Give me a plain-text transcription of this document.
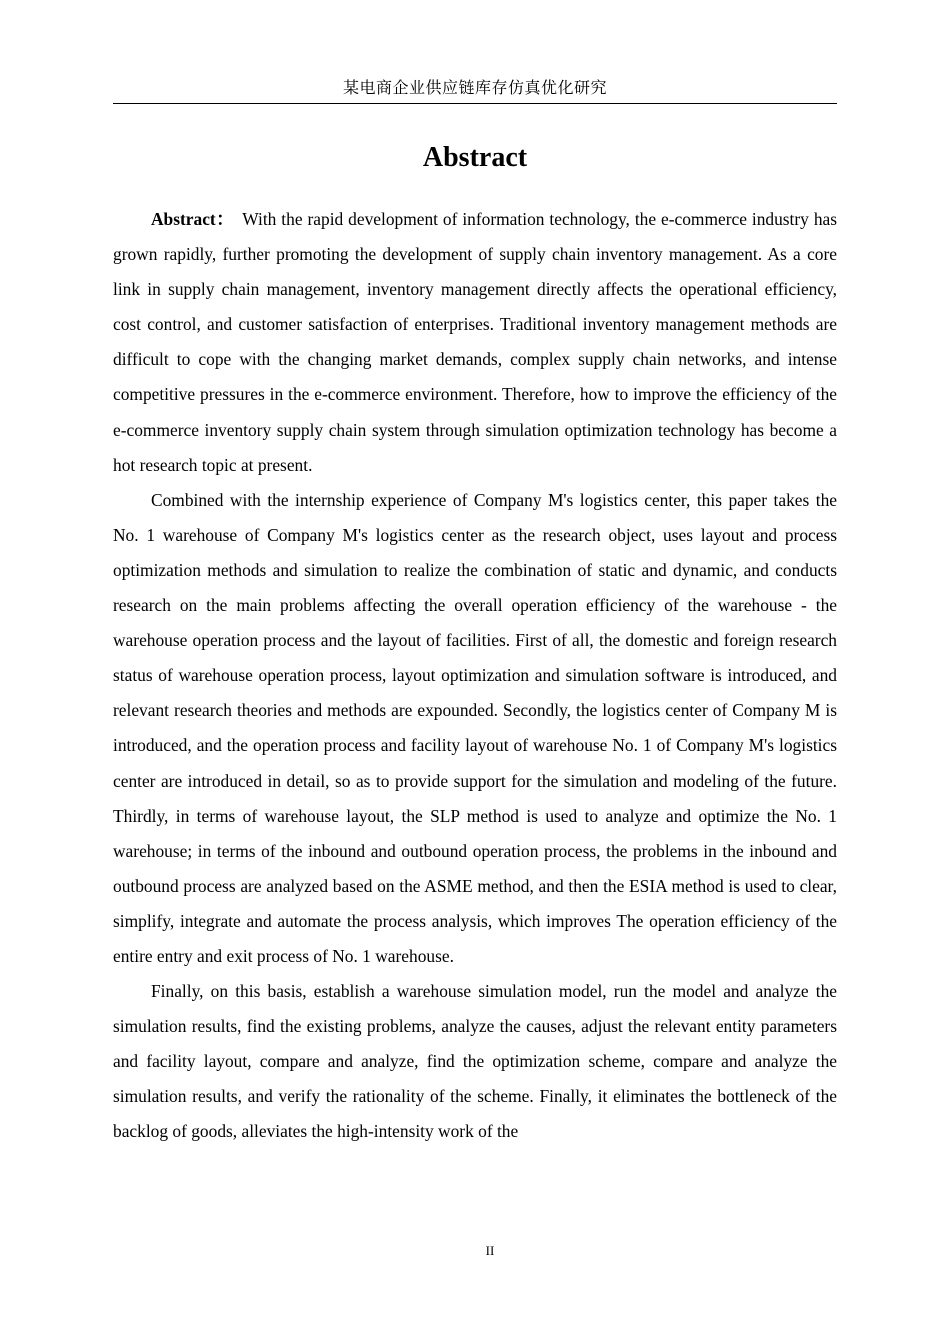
某电商企业供应链库存仿真优化研究
Abstract

Abstract： With the rapid development of information technology, the e-commerce industry has grown rapidly, further promoting the development of supply chain inventory management. As a core link in supply chain management, inventory management directly affects the operational efficiency, cost control, and customer satisfaction of enterprises. Traditional inventory management methods are difficult to cope with the changing market demands, complex supply chain networks, and intense competitive pressures in the e-commerce environment. Therefore, how to improve the efficiency of the e-commerce inventory supply chain system through simulation optimization technology has become a hot research topic at present.

Combined with the internship experience of Company M's logistics center, this paper takes the No. 1 warehouse of Company M's logistics center as the research object, uses layout and process optimization methods and simulation to realize the combination of static and dynamic, and conducts research on the main problems affecting the overall operation efficiency of the warehouse - the warehouse operation process and the layout of facilities. First of all, the domestic and foreign research status of warehouse operation process, layout optimization and simulation software is introduced, and relevant research theories and methods are expounded. Secondly, the logistics center of Company M is introduced, and the operation process and facility layout of warehouse No. 1 of Company M's logistics center are introduced in detail, so as to provide support for the simulation and modeling of the future. Thirdly, in terms of warehouse layout, the SLP method is used to analyze and optimize the No. 1 warehouse; in terms of the inbound and outbound operation process, the problems in the inbound and outbound process are analyzed based on the ASME method, and then the ESIA method is used to clear, simplify, integrate and automate the process analysis, which improves The operation efficiency of the entire entry and exit process of No. 1 warehouse.

Finally, on this basis, establish a warehouse simulation model, run the model and analyze the simulation results, find the existing problems, analyze the causes, adjust the relevant entity parameters and facility layout, compare and analyze, find the optimization scheme, compare and analyze the simulation results, and verify the rationality of the scheme. Finally, it eliminates the bottleneck of the backlog of goods, alleviates the high-intensity work of the

II
